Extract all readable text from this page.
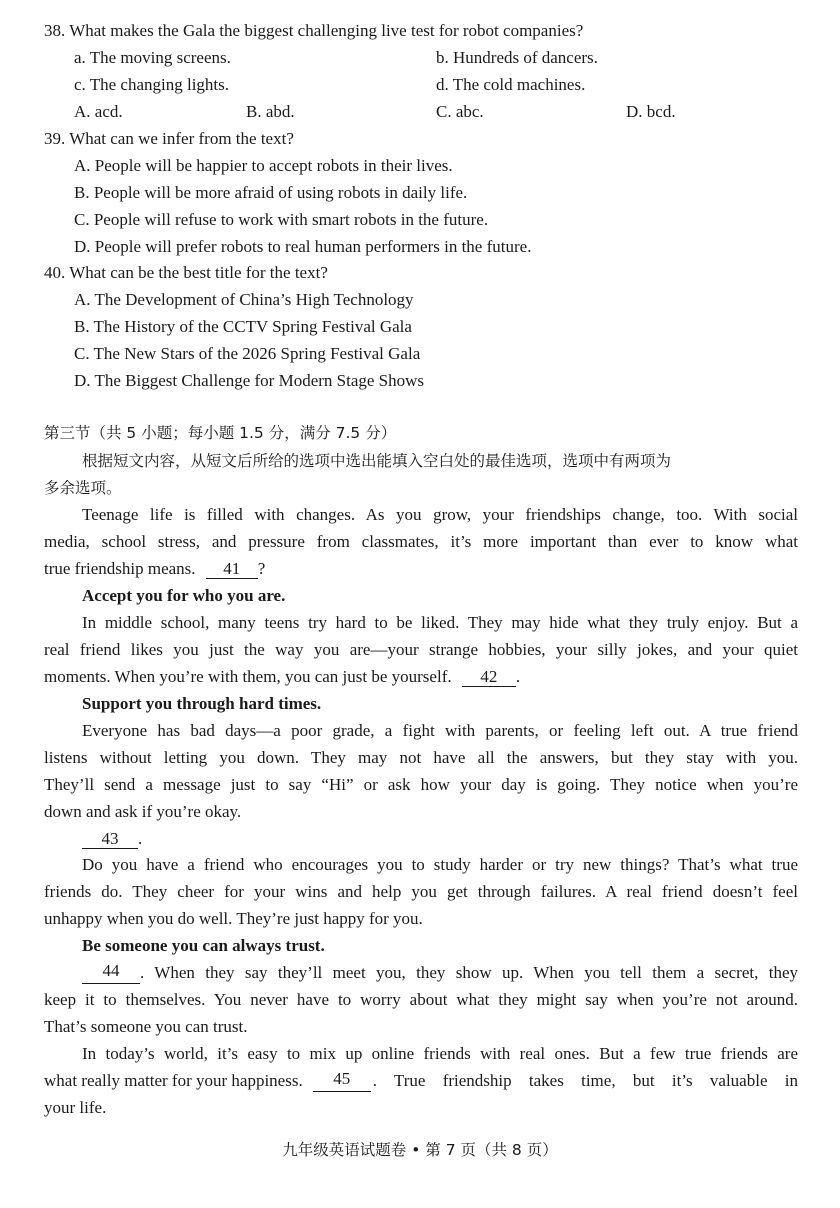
38. What makes the Gala the biggest challenging live test for robot companies?
a. The moving screens.	b. Hundreds of dancers.
c. The changing lights.	d. The cold machines.
A. acd.	B. abd.	C. abc.	D. bcd.
39. What can we infer from the text?
A. People will be happier to accept robots in their lives.
B. People will be more afraid of using robots in daily life.
C. People will refuse to work with smart robots in the future.
D. People will prefer robots to real human performers in the future.
40. What can be the best title for the text?
A. The Development of China’s High Technology
B. The History of the CCTV Spring Festival Gala
C. The New Stars of the 2026 Spring Festival Gala
D. The Biggest Challenge for Modern Stage Shows
第三节（共 5 小题；每小题 1.5 分，满分 7.5 分）
根据短文内容，从短文后所给的选项中选出能填入空白处的最佳选项，选项中有两项为
多余选项。
Teenage life is filled with changes. As you grow, your friendships change, too. With social
media, school stress, and pressure from classmates, it’s more important than ever to know what
true friendship means. 41 ?
Accept you for who you are.
In middle school, many teens try hard to be liked. They may hide what they truly enjoy. But a
real friend likes you just the way you are—your strange hobbies, your silly jokes, and your quiet
moments. When you’re with them, you can just be yourself. 42 .
Support you through hard times.
Everyone has bad days—a poor grade, a fight with parents, or feeling left out. A true friend
listens without letting you down. They may not have all the answers, but they stay with you.
They’ll send a message just to say “Hi” or ask how your day is going. They notice when you’re
down and ask if you’re okay.
43 .
Do you have a friend who encourages you to study harder or try new things? That’s what true
friends do. They cheer for your wins and help you get through failures. A real friend doesn’t feel
unhappy when you do well. They’re just happy for you.
Be someone you can always trust.
44	. When they say they’ll meet you, they show up. When you tell them a secret, they
keep it to themselves. You never have to worry about what they might say when you’re not around.
That’s someone you can trust.
In today’s world, it’s easy to mix up online friends with real ones. But a few true friends are
what really matter for your happiness.	45	. True friendship takes time, but it’s valuable in
your life.
九年级英语试题卷 • 第 7 页（共 8 页）
